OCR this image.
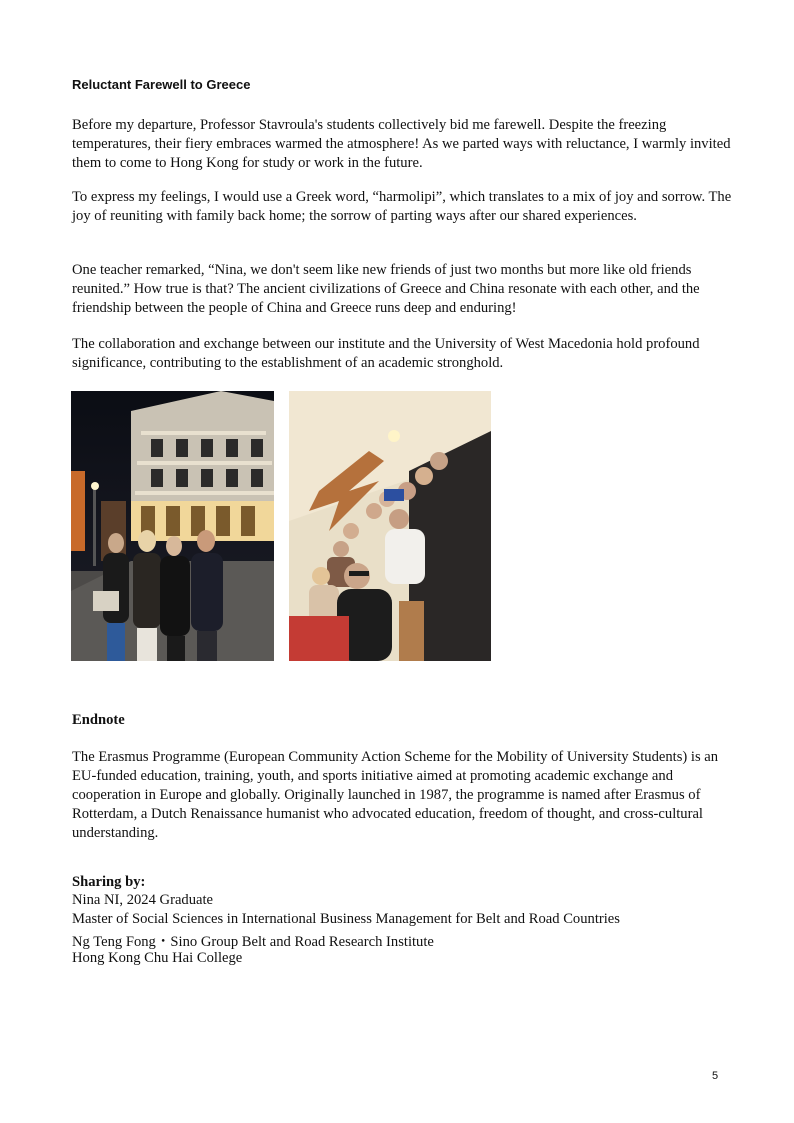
Reluctant Farewell to Greece

Before my departure, Professor Stavroula's students collectively bid me farewell. Despite the freezing temperatures, their fiery embraces warmed the atmosphere! As we parted ways with reluctance, I warmly invited them to come to Hong Kong for study or work in the future.

To express my feelings, I would use a Greek word, “harmolipi”, which translates to a mix of joy and sorrow. The joy of reuniting with family back home; the sorrow of parting ways after our shared experiences.

One teacher remarked, “Nina, we don't seem like new friends of just two months but more like old friends reunited.” How true is that? The ancient civilizations of Greece and China resonate with each other, and the friendship between the people of China and Greece runs deep and enduring!

The collaboration and exchange between our institute and the University of West Macedonia hold profound significance, contributing to the establishment of an academic stronghold.

Endnote

The Erasmus Programme (European Community Action Scheme for the Mobility of University Students) is an EU-funded education, training, youth, and sports initiative aimed at promoting academic exchange and cooperation in Europe and globally. Originally launched in 1987, the programme is named after Erasmus of Rotterdam, a Dutch Renaissance humanist who advocated education, freedom of thought, and cross-cultural understanding.

Sharing by:
Nina NI, 2024 Graduate
Master of Social Sciences in International Business Management for Belt and Road Countries
Ng Teng Fong・Sino Group Belt and Road Research Institute
Hong Kong Chu Hai College
5
